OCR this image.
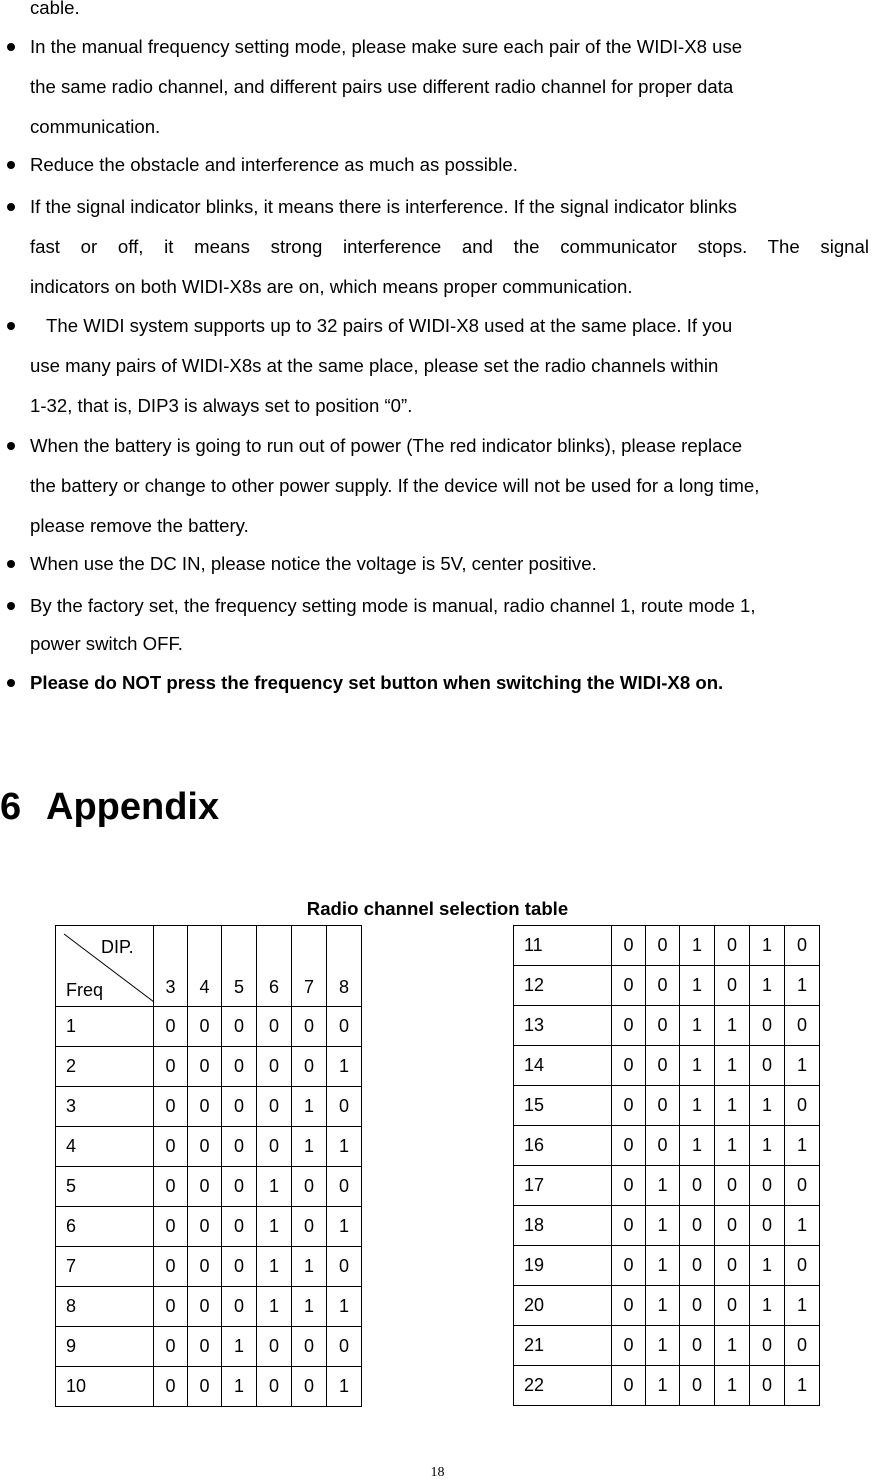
cable.
In the manual frequency setting mode, please make sure each pair of the WIDI-X8 use
the same radio channel, and different pairs use different radio channel for proper data
communication.
Reduce the obstacle and interference as much as possible.
If the signal indicator blinks, it means there is interference. If the signal indicator blinks
fast or off, it means strong interference and the communicator stops. The signal
indicators on both WIDI-X8s are on, which means proper communication.
The WIDI system supports up to 32 pairs of WIDI-X8 used at the same place. If you
use many pairs of WIDI-X8s at the same place, please set the radio channels within
1-32, that is, DIP3 is always set to position “0”.
When the battery is going to run out of power (The red indicator blinks), please replace
the battery or change to other power supply. If the device will not be used for a long time,
please remove the battery.
When use the DC IN, please notice the voltage is 5V, center positive.
By the factory set, the frequency setting mode is manual, radio channel 1, route mode 1,
power switch OFF.
Please do NOT press the frequency set button when switching the WIDI-X8 on.
6 Appendix
Radio channel selection table
DIP.
Freq	3	4	5	6	7	8
1	0	0	0	0	0	0
2	0	0	0	0	0	1
3	0	0	0	0	1	0
4	0	0	0	0	1	1
5	0	0	0	1	0	0
6	0	0	0	1	0	1
7	0	0	0	1	1	0
8	0	0	0	1	1	1
9	0	0	1	0	0	0
10	0	0	1	0	0	1
11	0	0	1	0	1	0
12	0	0	1	0	1	1
13	0	0	1	1	0	0
14	0	0	1	1	0	1
15	0	0	1	1	1	0
16	0	0	1	1	1	1
17	0	1	0	0	0	0
18	0	1	0	0	0	1
19	0	1	0	0	1	0
20	0	1	0	0	1	1
21	0	1	0	1	0	0
22	0	1	0	1	0	1
18
